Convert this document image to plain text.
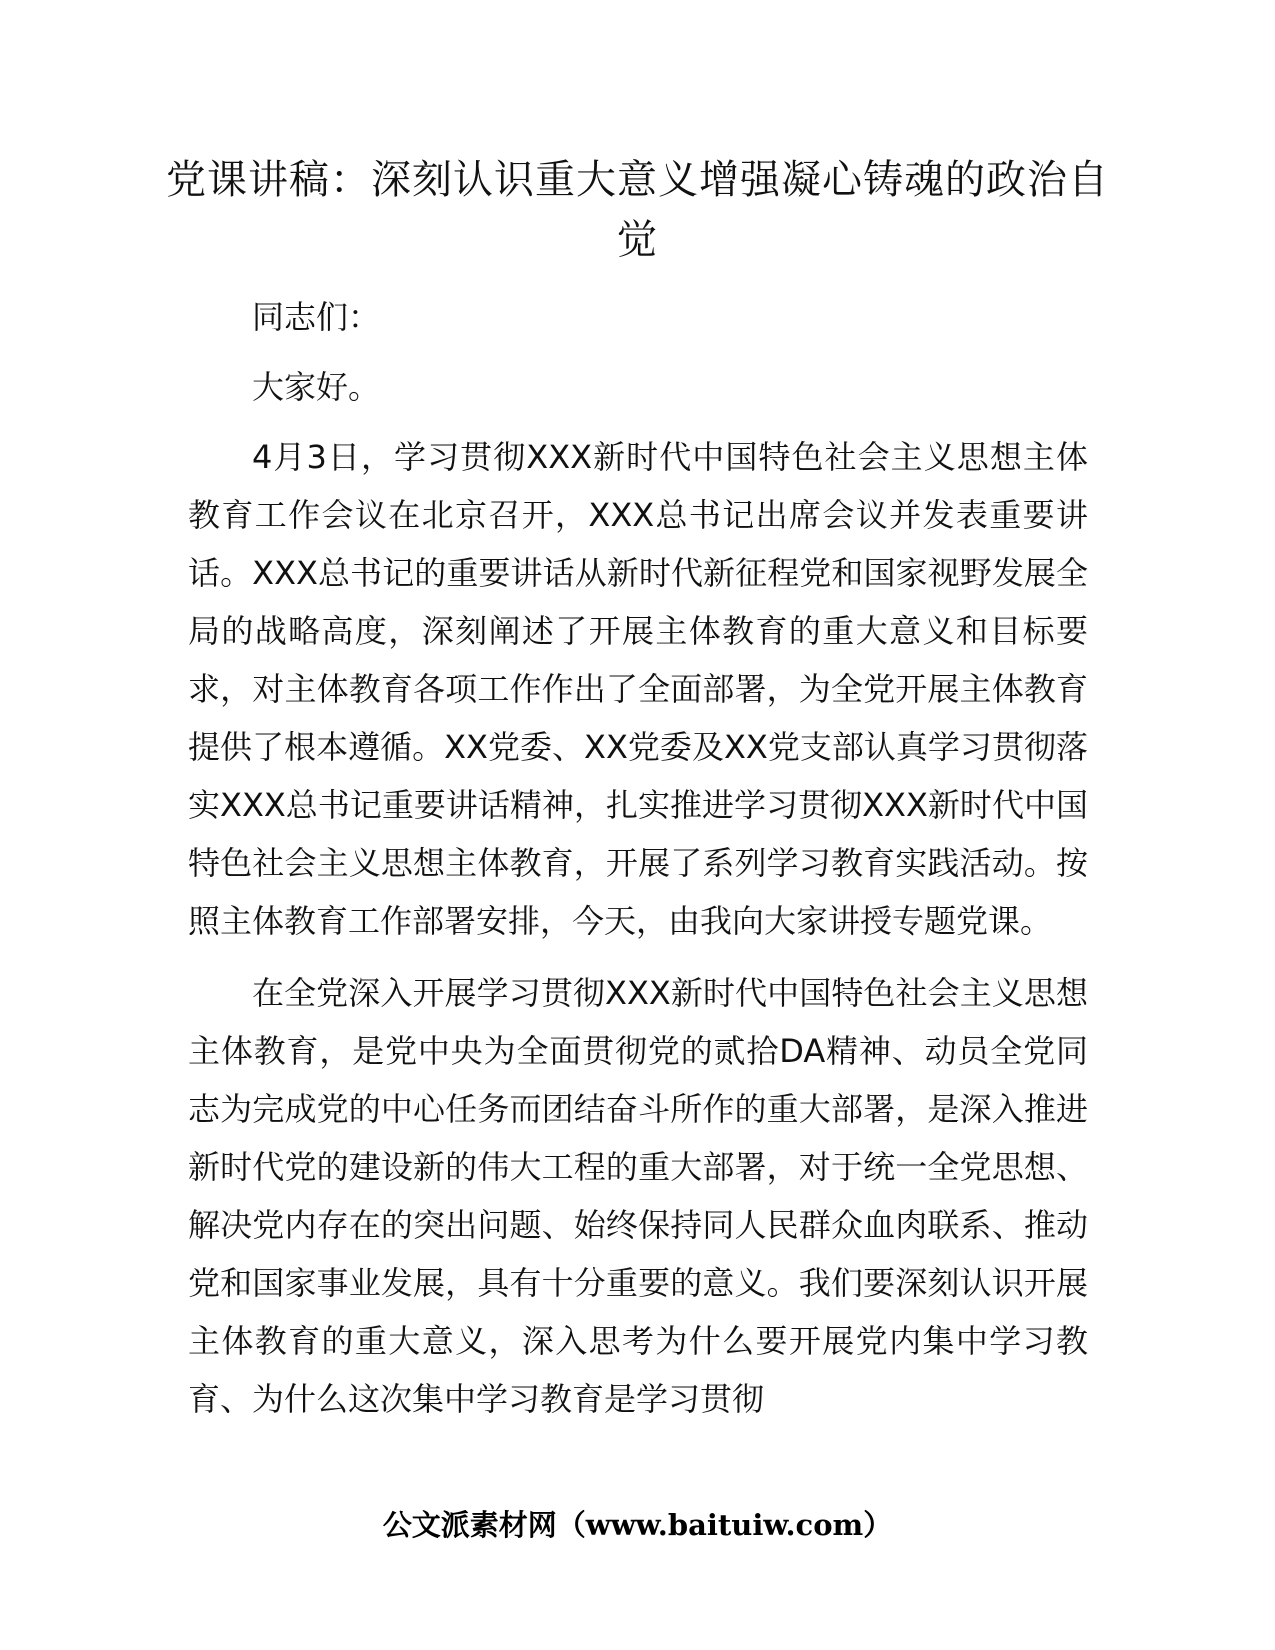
党课讲稿：深刻认识重大意义增强凝心铸魂的政治自觉

同志们：

大家好。

4月3日，学习贯彻XXX新时代中国特色社会主义思想主体教育工作会议在北京召开，XXX总书记出席会议并发表重要讲话。XXX总书记的重要讲话从新时代新征程党和国家视野发展全局的战略高度，深刻阐述了开展主体教育的重大意义和目标要求，对主体教育各项工作作出了全面部署，为全党开展主体教育提供了根本遵循。XX党委、XX党委及XX党支部认真学习贯彻落实XXX总书记重要讲话精神，扎实推进学习贯彻XXX新时代中国特色社会主义思想主体教育，开展了系列学习教育实践活动。按照主体教育工作部署安排，今天，由我向大家讲授专题党课。

在全党深入开展学习贯彻XXX新时代中国特色社会主义思想主体教育，是党中央为全面贯彻党的贰拾DA精神、动员全党同志为完成党的中心任务而团结奋斗所作的重大部署，是深入推进新时代党的建设新的伟大工程的重大部署，对于统一全党思想、解决党内存在的突出问题、始终保持同人民群众血肉联系、推动党和国家事业发展，具有十分重要的意义。我们要深刻认识开展主体教育的重大意义，深入思考为什么要开展党内集中学习教育、为什么这次集中学习教育是学习贯彻

公文派素材网（www.baituiw.com）
